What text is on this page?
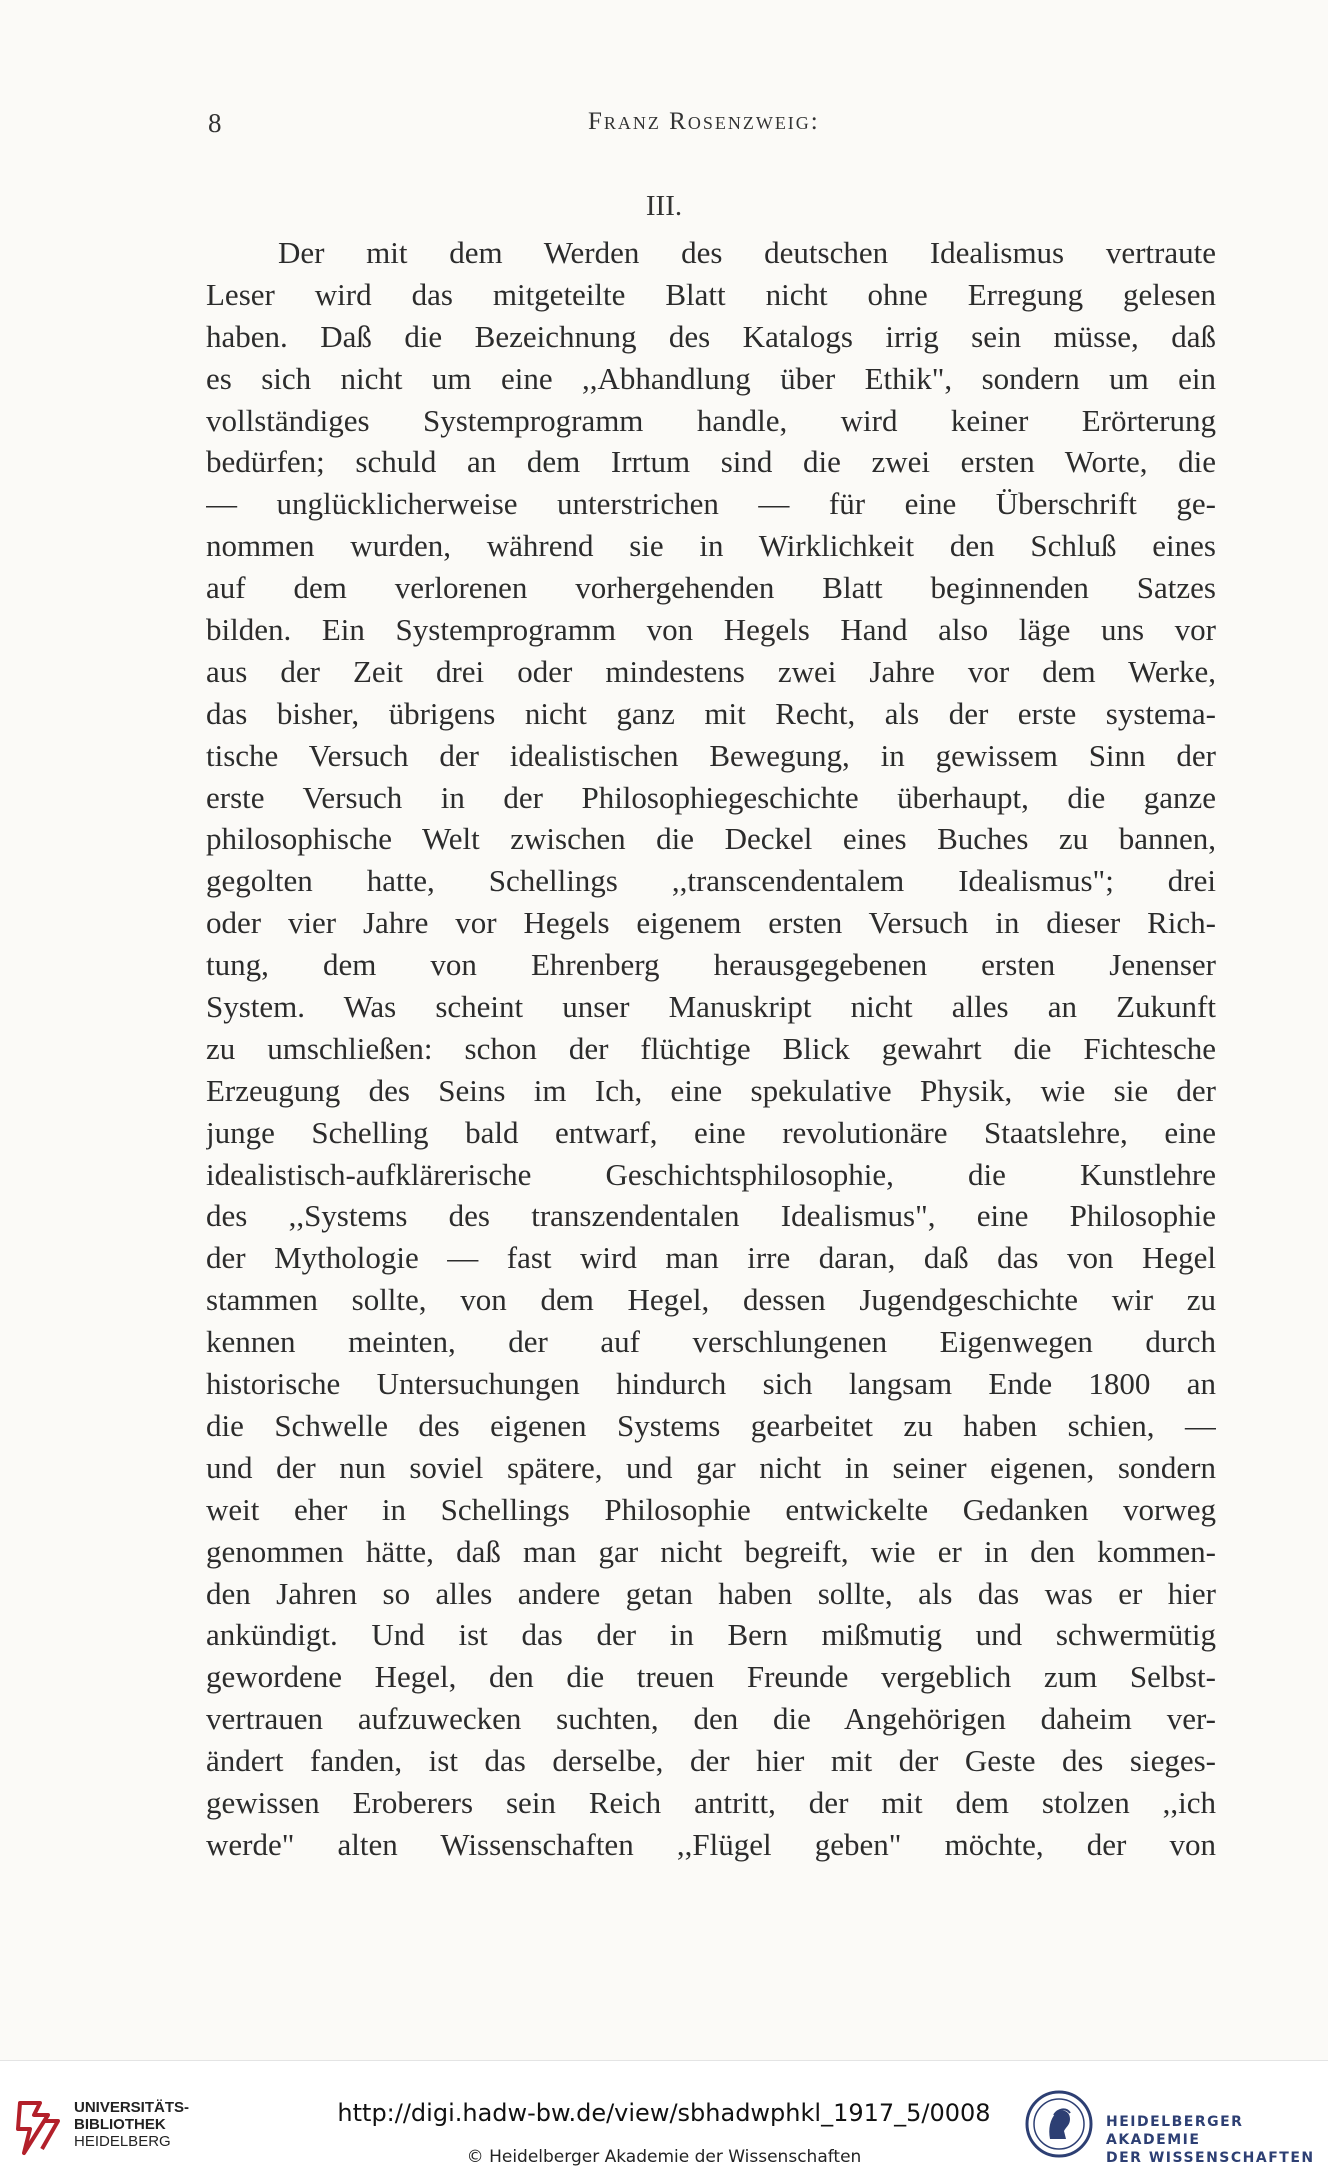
8	Franz Rosenzweig:
III.
Der mit dem Werden des deutschen Idealismus vertraute
Leser wird das mitgeteilte Blatt nicht ohne Erregung gelesen
haben. Daß die Bezeichnung des Katalogs irrig sein müsse, daß
es sich nicht um eine ,,Abhandlung über Ethik", sondern um ein
vollständiges Systemprogramm handle, wird keiner Erörterung
bedürfen; schuld an dem Irrtum sind die zwei ersten Worte, die
— unglücklicherweise unterstrichen — für eine Überschrift ge-
nommen wurden, während sie in Wirklichkeit den Schluß eines
auf dem verlorenen vorhergehenden Blatt beginnenden Satzes
bilden. Ein Systemprogramm von Hegels Hand also läge uns vor
aus der Zeit drei oder mindestens zwei Jahre vor dem Werke,
das bisher, übrigens nicht ganz mit Recht, als der erste systema-
tische Versuch der idealistischen Bewegung, in gewissem Sinn der
erste Versuch in der Philosophiegeschichte überhaupt, die ganze
philosophische Welt zwischen die Deckel eines Buches zu bannen,
gegolten hatte, Schellings ,,transcendentalem Idealismus"; drei
oder vier Jahre vor Hegels eigenem ersten Versuch in dieser Rich-
tung, dem von Ehrenberg herausgegebenen ersten Jenenser
System. Was scheint unser Manuskript nicht alles an Zukunft
zu umschließen: schon der flüchtige Blick gewahrt die Fichtesche
Erzeugung des Seins im Ich, eine spekulative Physik, wie sie der
junge Schelling bald entwarf, eine revolutionäre Staatslehre, eine
idealistisch-aufklärerische Geschichtsphilosophie, die Kunstlehre
des ,,Systems des transzendentalen Idealismus", eine Philosophie
der Mythologie — fast wird man irre daran, daß das von Hegel
stammen sollte, von dem Hegel, dessen Jugendgeschichte wir zu
kennen meinten, der auf verschlungenen Eigenwegen durch
historische Untersuchungen hindurch sich langsam Ende 1800 an
die Schwelle des eigenen Systems gearbeitet zu haben schien, —
und der nun soviel spätere, und gar nicht in seiner eigenen, sondern
weit eher in Schellings Philosophie entwickelte Gedanken vorweg
genommen hätte, daß man gar nicht begreift, wie er in den kommen-
den Jahren so alles andere getan haben sollte, als das was er hier
ankündigt. Und ist das der in Bern mißmutig und schwermütig
gewordene Hegel, den die treuen Freunde vergeblich zum Selbst-
vertrauen aufzuwecken suchten, den die Angehörigen daheim ver-
ändert fanden, ist das derselbe, der hier mit der Geste des sieges-
gewissen Eroberers sein Reich antritt, der mit dem stolzen ,,ich
werde" alten Wissenschaften ,,Flügel geben" möchte, der von
UNIVERSITÄTS-
BIBLIOTHEK
HEIDELBERG
http://digi.hadw-bw.de/view/sbhadwphkl_1917_5/0008
© Heidelberger Akademie der Wissenschaften
HEIDELBERGER AKADEMIE
DER WISSENSCHAFTEN
